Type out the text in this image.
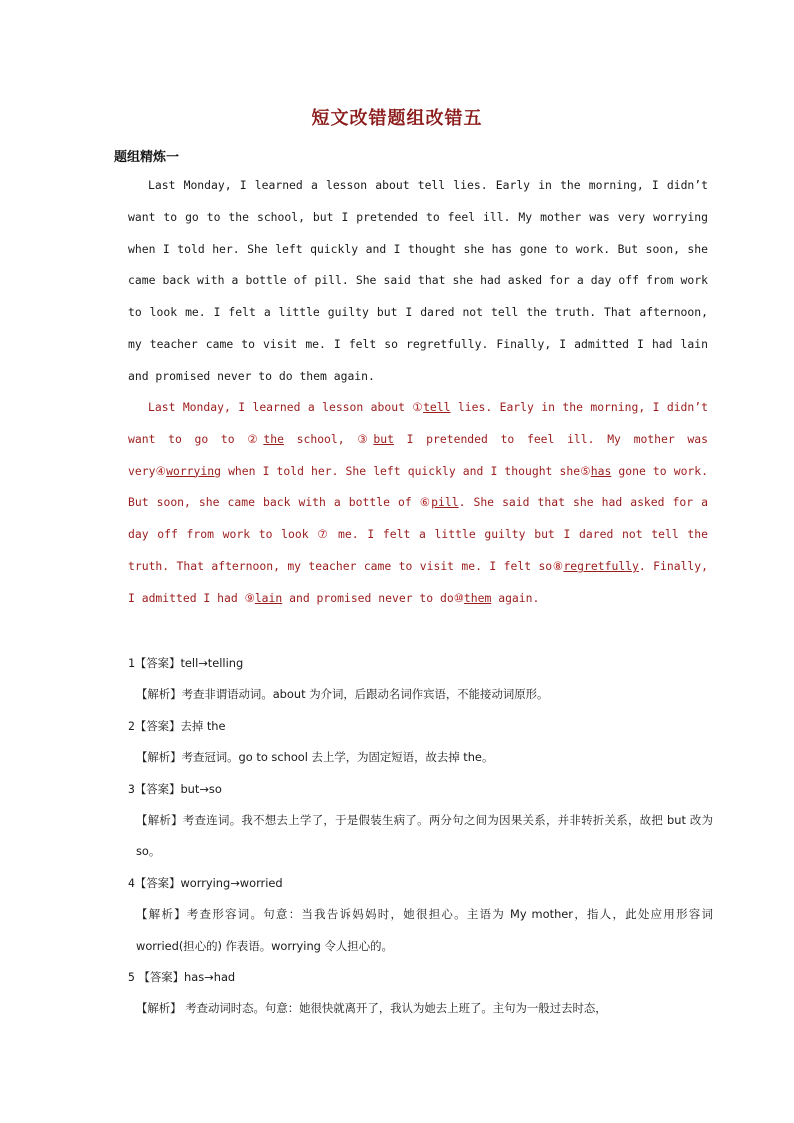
短文改错题组改错五
题组精炼一

Last Monday, I learned a lesson about tell lies. Early in the morning, I didn’t want to go to the school, but I pretended to feel ill. My mother was very worrying when I told her. She left quickly and I thought she has gone to work. But soon, she came back with a bottle of pill. She said that she had asked for a day off from work to look me. I felt a little guilty but I dared not tell the truth. That afternoon, my teacher came to visit me. I felt so regretfully. Finally, I admitted I had lain and promised never to do them again.

Last Monday, I learned a lesson about ①tell lies. Early in the morning, I didn’t want to go to ②the school, ③but I pretended to feel ill. My mother was very④worrying when I told her. She left quickly and I thought she⑤has gone to work. But soon, she came back with a bottle of ⑥pill. She said that she had asked for a day off from work to look ⑦ me. I felt a little guilty but I dared not tell the truth. That afternoon, my teacher came to visit me. I felt so⑧regretfully. Finally, I admitted I had ⑨lain and promised never to do⑩them again.

1【答案】tell→telling
【解析】考查非谓语动词。about 为介词，后跟动名词作宾语，不能接动词原形。
2【答案】去掉 the
【解析】考查冠词。go to school 去上学，为固定短语，故去掉 the。
3【答案】but→so
【解析】考查连词。我不想去上学了，于是假装生病了。两分句之间为因果关系，并非转折关系，故把 but 改为 so。
4【答案】worrying→worried
【解析】考查形容词。句意：当我告诉妈妈时，她很担心。主语为 My mother，指人，此处应用形容词 worried(担心的) 作表语。worrying 令人担心的。
5 【答案】has→had
【解析】 考查动词时态。句意：她很快就离开了，我认为她去上班了。主句为一般过去时态，
